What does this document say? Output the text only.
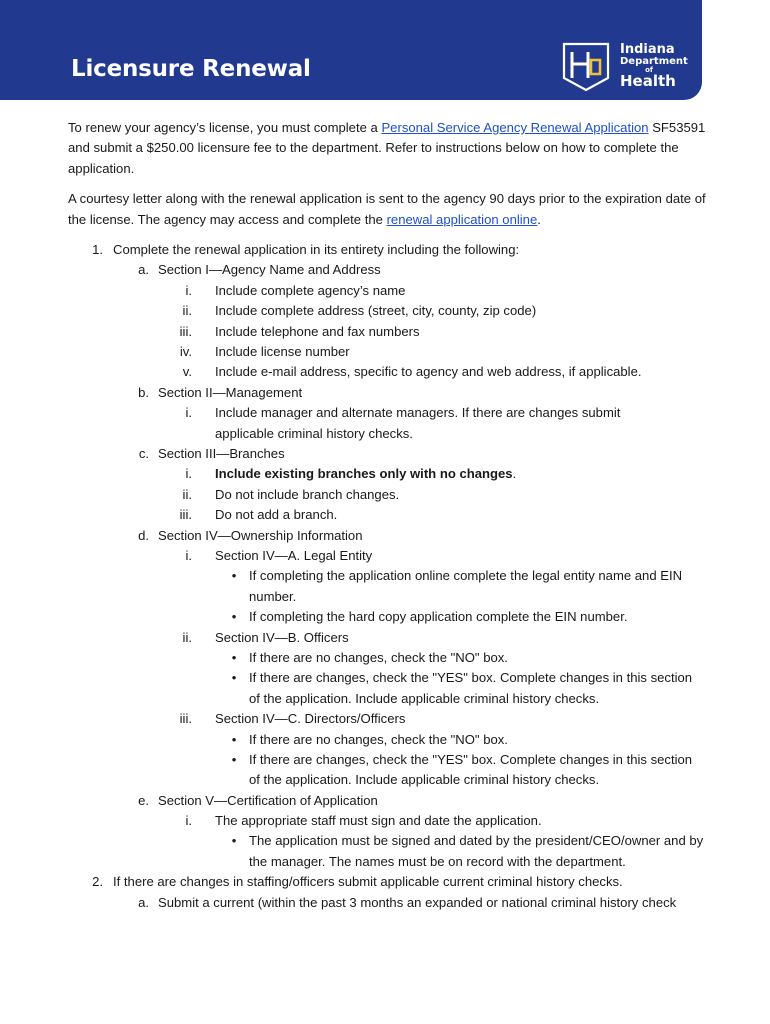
Licensure Renewal
Indiana
Department
of
Health

To renew your agency’s license, you must complete a Personal Service Agency Renewal Application SF53591 and submit a $250.00 licensure fee to the department. Refer to instructions below on how to complete the application.

A courtesy letter along with the renewal application is sent to the agency 90 days prior to the expiration date of the license. The agency may access and complete the renewal application online.

1. Complete the renewal application in its entirety including the following:
a. Section I—Agency Name and Address
i. Include complete agency’s name
ii. Include complete address (street, city, county, zip code)
iii. Include telephone and fax numbers
iv. Include license number
v. Include e-mail address, specific to agency and web address, if applicable.
b. Section II—Management
i. Include manager and alternate managers. If there are changes submit applicable criminal history checks.
c. Section III—Branches
i. Include existing branches only with no changes.
ii. Do not include branch changes.
iii. Do not add a branch.
d. Section IV—Ownership Information
i. Section IV—A. Legal Entity
• If completing the application online complete the legal entity name and EIN number.
• If completing the hard copy application complete the EIN number.
ii. Section IV—B. Officers
• If there are no changes, check the "NO" box.
• If there are changes, check the "YES" box. Complete changes in this section of the application. Include applicable criminal history checks.
iii. Section IV—C. Directors/Officers
• If there are no changes, check the "NO" box.
• If there are changes, check the "YES" box. Complete changes in this section of the application. Include applicable criminal history checks.
e. Section V—Certification of Application
i. The appropriate staff must sign and date the application.
• The application must be signed and dated by the president/CEO/owner and by the manager. The names must be on record with the department.
2. If there are changes in staffing/officers submit applicable current criminal history checks.
a. Submit a current (within the past 3 months an expanded or national criminal history check
